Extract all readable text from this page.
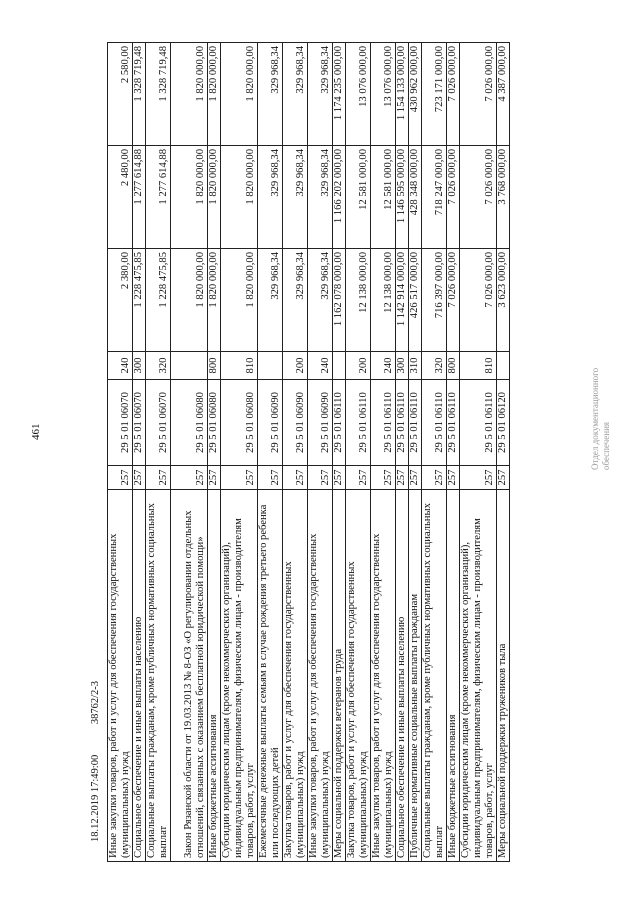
461
Иные закупки товаров, работ и услуг для обеспечения государственных (муниципальных) нужд	257	29 5 01 06070	240	2 380,00	2 480,00	2 580,00
Социальное обеспечение и иные выплаты населению	257	29 5 01 06070	300	1 228 475,85	1 277 614,88	1 328 719,48
Социальные выплаты гражданам, кроме публичных нормативных социальных выплат	257	29 5 01 06070	320	1 228 475,85	1 277 614,88	1 328 719,48
Закон Рязанской области от 19.03.2013 № 8-ОЗ «О регулировании отдельных отношений, связанных с оказанием бесплатной юридической помощи»	257	29 5 01 06080		1 820 000,00	1 820 000,00	1 820 000,00
Иные бюджетные ассигнования	257	29 5 01 06080	800	1 820 000,00	1 820 000,00	1 820 000,00
Субсидии юридическим лицам (кроме некоммерческих организаций), индивидуальным предпринимателям, физическим лицам - производителям товаров, работ, услуг	257	29 5 01 06080	810	1 820 000,00	1 820 000,00	1 820 000,00
Ежемесячные денежные выплаты семьям в случае рождения третьего ребенка или последующих детей	257	29 5 01 06090		329 968,34	329 968,34	329 968,34
Закупка товаров, работ и услуг для обеспечения государственных (муниципальных) нужд	257	29 5 01 06090	200	329 968,34	329 968,34	329 968,34
Иные закупки товаров, работ и услуг для обеспечения государственных (муниципальных) нужд	257	29 5 01 06090	240	329 968,34	329 968,34	329 968,34
Меры социальной поддержки ветеранов труда	257	29 5 01 06110		1 162 078 000,00	1 166 202 000,00	1 174 235 000,00
Закупка товаров, работ и услуг для обеспечения государственных (муниципальных) нужд	257	29 5 01 06110	200	12 138 000,00	12 581 000,00	13 076 000,00
Иные закупки товаров, работ и услуг для обеспечения государственных (муниципальных) нужд	257	29 5 01 06110	240	12 138 000,00	12 581 000,00	13 076 000,00
Социальное обеспечение и иные выплаты населению	257	29 5 01 06110	300	1 142 914 000,00	1 146 595 000,00	1 154 133 000,00
Публичные нормативные социальные выплаты гражданам	257	29 5 01 06110	310	426 517 000,00	428 348 000,00	430 962 000,00
Социальные выплаты гражданам, кроме публичных нормативных социальных выплат	257	29 5 01 06110	320	716 397 000,00	718 247 000,00	723 171 000,00
Иные бюджетные ассигнования	257	29 5 01 06110	800	7 026 000,00	7 026 000,00	7 026 000,00
Субсидии юридическим лицам (кроме некоммерческих организаций), индивидуальным предпринимателям, физическим лицам - производителям товаров, работ, услуг	257	29 5 01 06110	810	7 026 000,00	7 026 000,00	7 026 000,00
Меры социальной поддержки тружеников тыла	257	29 5 01 06120		3 623 000,00	3 768 000,00	4 387 000,00
Отдел документационного обеспечения
18.12.2019 17:49:00 38762/2-3
